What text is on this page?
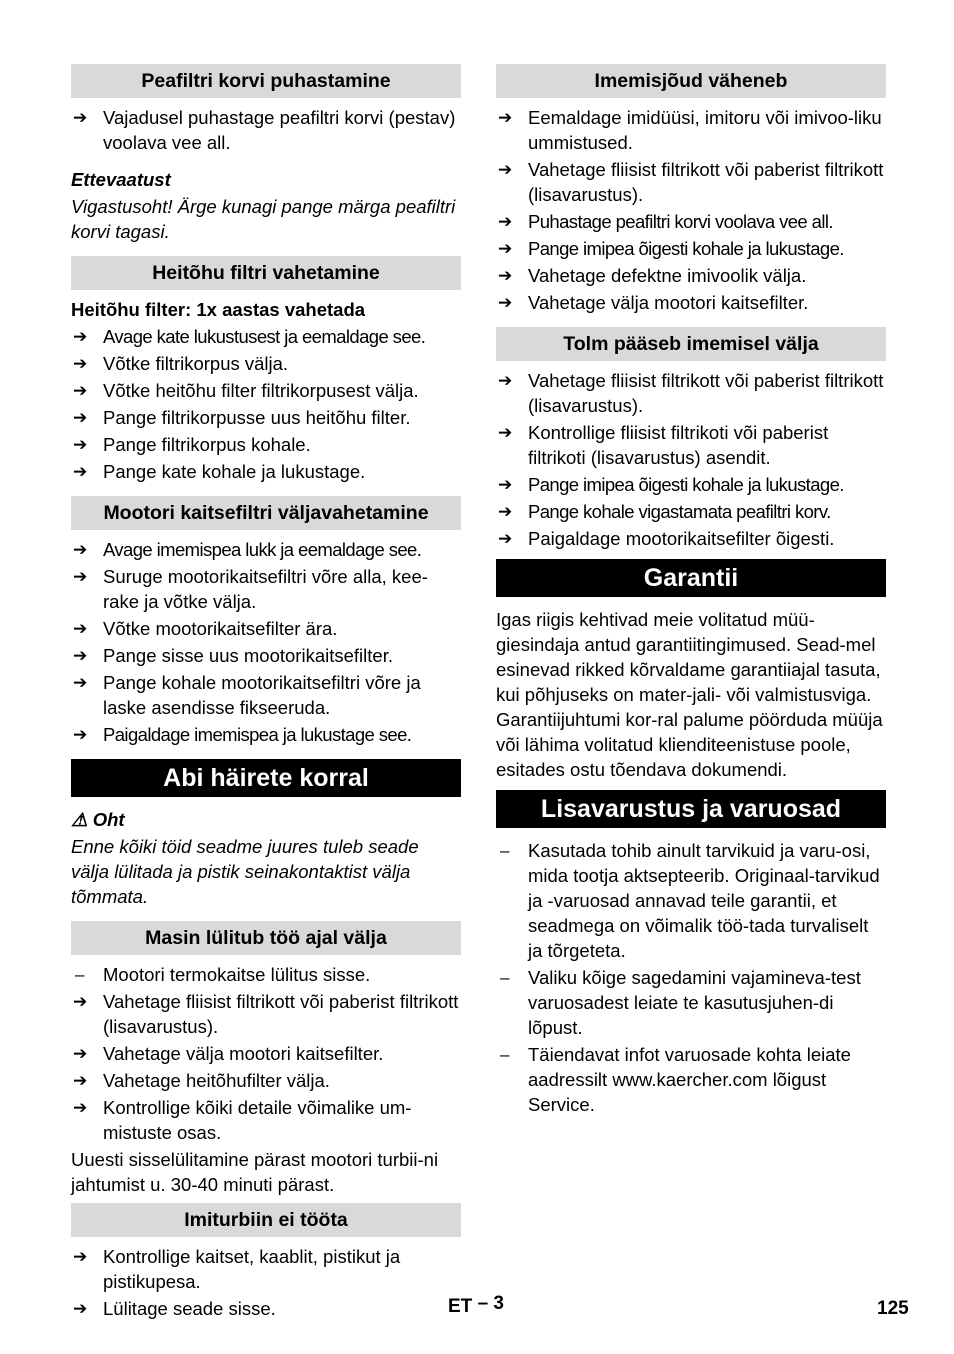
Peafiltri korvi puhastamine
➔ Vajadusel puhastage peafiltri korvi (pestav) voolava vee all.
Ettevaatust
Vigastusoht! Ärge kunagi pange märga peafiltri korvi tagasi.
Heitõhu filtri vahetamine
Heitõhu filter: 1x aastas vahetada
➔ Avage kate lukustusest ja eemaldage see.
➔ Võtke filtrikorpus välja.
➔ Võtke heitõhu filter filtrikorpusest välja.
➔ Pange filtrikorpusse uus heitõhu filter.
➔ Pange filtrikorpus kohale.
➔ Pange kate kohale ja lukustage.
Mootori kaitsefiltri väljavahetamine
➔ Avage imemispea lukk ja eemaldage see.
➔ Suruge mootorikaitsefiltri võre alla, kee-rake ja võtke välja.
➔ Võtke mootorikaitsefilter ära.
➔ Pange sisse uus mootorikaitsefilter.
➔ Pange kohale mootorikaitsefiltri võre ja laske asendisse fikseeruda.
➔ Paigaldage imemispea ja lukustage see.
Abi häirete korral
⚠ Oht
Enne kõiki töid seadme juures tuleb seade välja lülitada ja pistik seinakontaktist välja tõmmata.
Masin lülitub töö ajal välja
– Mootori termokaitse lülitus sisse.
➔ Vahetage fliisist filtrikott või paberist filtrikott (lisavarustus).
➔ Vahetage välja mootori kaitsefilter.
➔ Vahetage heitõhufilter välja.
➔ Kontrollige kõiki detaile võimalike um-mistuste osas.
Uuesti sisselülitamine pärast mootori turbii-ni jahtumist u. 30-40 minuti pärast.
Imiturbiin ei tööta
➔ Kontrollige kaitset, kaablit, pistikut ja pistikupesa.
➔ Lülitage seade sisse.
Imemisjõud väheneb
➔ Eemaldage imidüüsi, imitoru või imivoo-liku ummistused.
➔ Vahetage fliisist filtrikott või paberist filtrikott (lisavarustus).
➔ Puhastage peafiltri korvi voolava vee all.
➔ Pange imipea õigesti kohale ja lukustage.
➔ Vahetage defektne imivoolik välja.
➔ Vahetage välja mootori kaitsefilter.
Tolm pääseb imemisel välja
➔ Vahetage fliisist filtrikott või paberist filtrikott (lisavarustus).
➔ Kontrollige fliisist filtrikoti või paberist filtrikoti (lisavarustus) asendit.
➔ Pange imipea õigesti kohale ja lukustage.
➔ Pange kohale vigastamata peafiltri korv.
➔ Paigaldage mootorikaitsefilter õigesti.
Garantii
Igas riigis kehtivad meie volitatud müü-giesindaja antud garantiitingimused. Sead-mel esinevad rikked kõrvaldame garantiiajal tasuta, kui põhjuseks on mater-jali- või valmistusviga. Garantiijuhtumi kor-ral palume pöörduda müüja või lähima volitatud klienditeenistuse poole, esitades ostu tõendava dokumendi.
Lisavarustus ja varuosad
– Kasutada tohib ainult tarvikuid ja varu-osi, mida tootja aktsepteerib. Originaal-tarvikud ja -varuosad annavad teile garantii, et seadmega on võimalik töö-tada turvaliselt ja tõrgeteta.
– Valiku kõige sagedamini vajamineva-test varuosadest leiate te kasutusjuhen-di lõpust.
– Täiendavat infot varuosade kohta leiate aadressilt www.kaercher.com lõigust Service.
ET – 3	125
